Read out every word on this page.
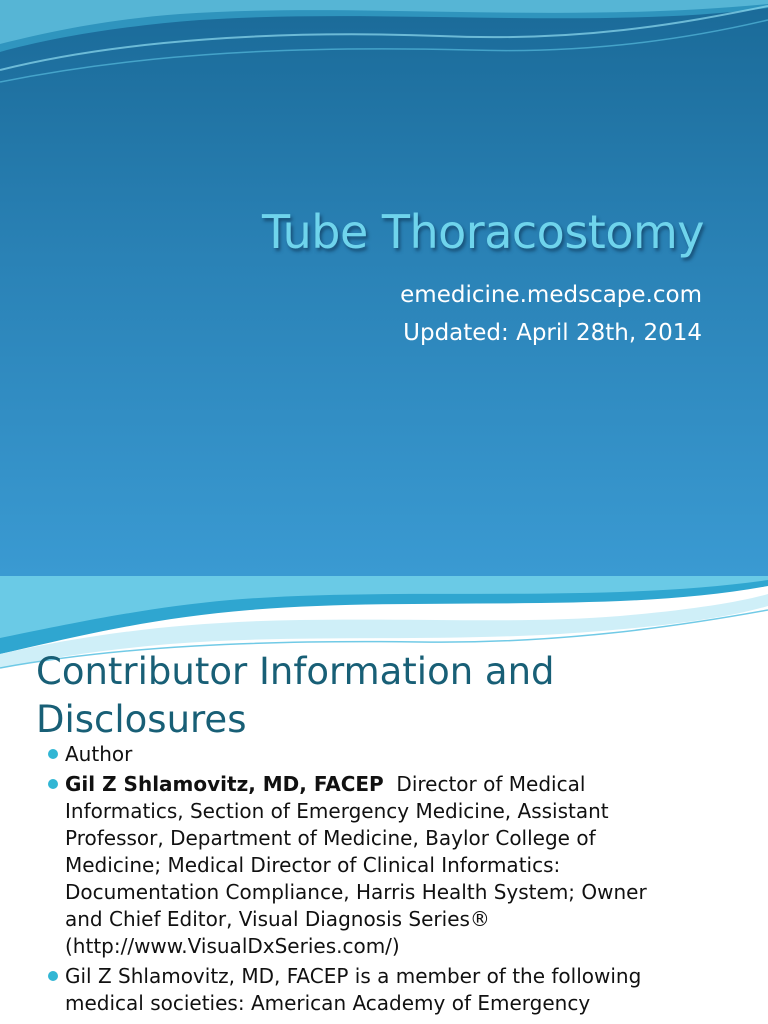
Tube Thoracostomy
emedicine.medscape.com
Updated: April 28th, 2014
Contributor Information and
Disclosures
Author
Gil Z Shlamovitz, MD, FACEP Director of Medical
Informatics, Section of Emergency Medicine, Assistant
Professor, Department of Medicine, Baylor College of
Medicine; Medical Director of Clinical Informatics:
Documentation Compliance, Harris Health System; Owner
and Chief Editor, Visual Diagnosis Series®
(http://www.VisualDxSeries.com/)
Gil Z Shlamovitz, MD, FACEP is a member of the following
medical societies: American Academy of Emergency
